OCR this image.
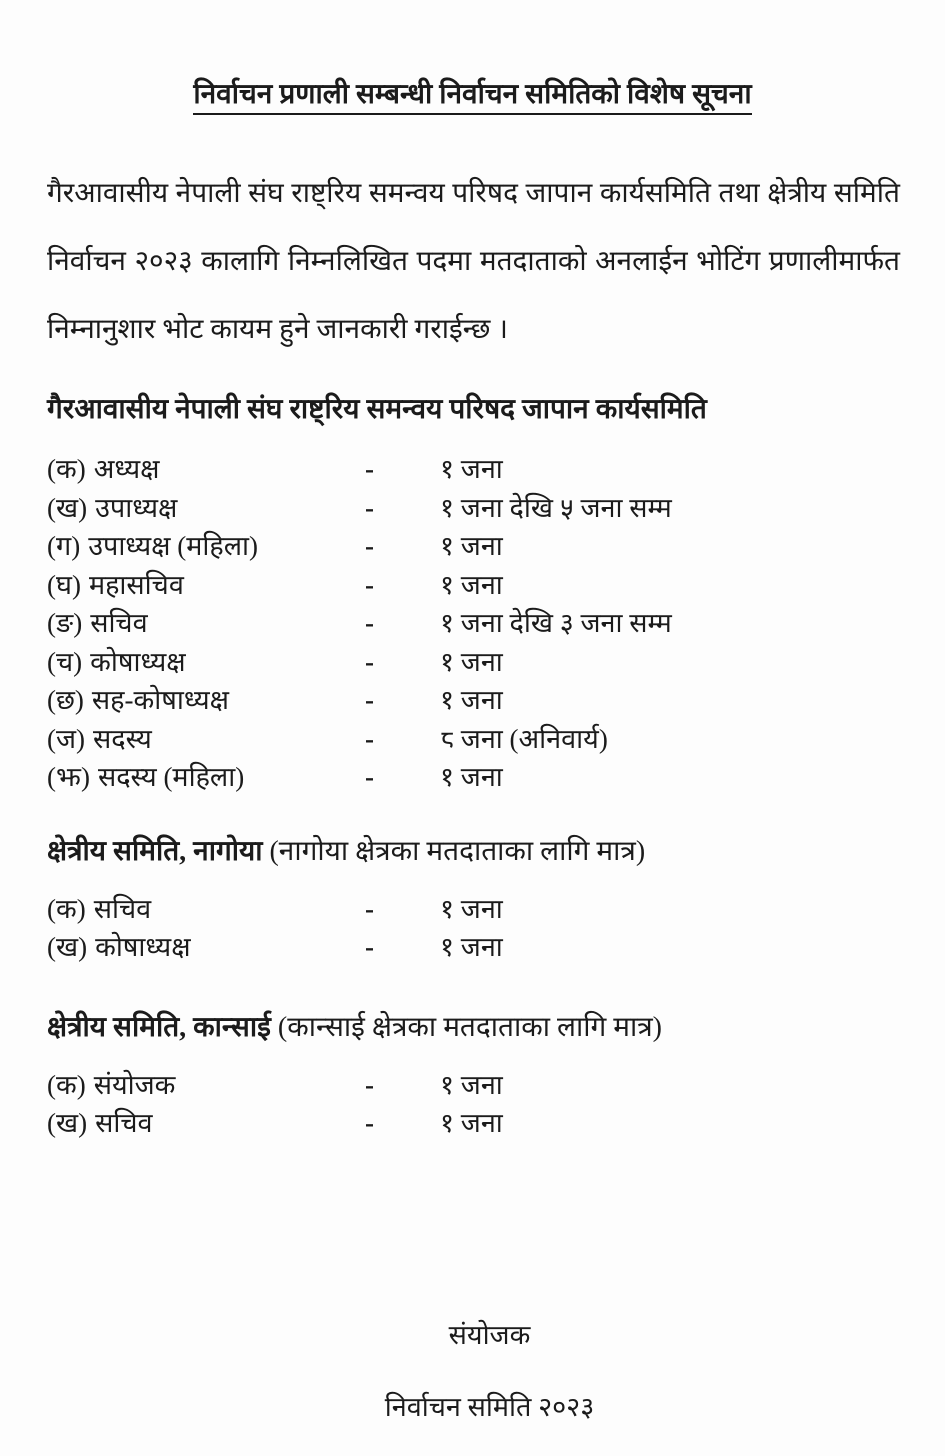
निर्वाचन प्रणाली सम्बन्धी निर्वाचन समितिको विशेष सूचना

गैरआवासीय नेपाली संघ राष्ट्रिय समन्वय परिषद जापान कार्यसमिति तथा क्षेत्रीय समिति निर्वाचन २०२३ कालागि निम्नलिखित पदमा मतदाताको अनलाईन भोटिंग प्रणालीमार्फत निम्नानुशार भोट कायम हुने जानकारी गराईन्छ ।

गैरआवासीय नेपाली संघ राष्ट्रिय समन्वय परिषद जापान कार्यसमिति
(क) अध्यक्ष	-	१ जना
(ख) उपाध्यक्ष	-	१ जना देखि ५ जना सम्म
(ग) उपाध्यक्ष (महिला)	-	१ जना
(घ) महासचिव	-	१ जना
(ङ) सचिव	-	१ जना देखि ३ जना सम्म
(च) कोषाध्यक्ष	-	१ जना
(छ) सह-कोषाध्यक्ष	-	१ जना
(ज) सदस्य	-	८ जना (अनिवार्य)
(झ) सदस्य (महिला)	-	१ जना
क्षेत्रीय समिति, नागोया (नागोया क्षेत्रका मतदाताका लागि मात्र)
(क) सचिव	-	१ जना
(ख) कोषाध्यक्ष	-	१ जना
क्षेत्रीय समिति, कान्साई (कान्साई क्षेत्रका मतदाताका लागि मात्र)
(क) संयोजक	-	१ जना
(ख) सचिव	-	१ जना
संयोजक
निर्वाचन समिति २०२३
